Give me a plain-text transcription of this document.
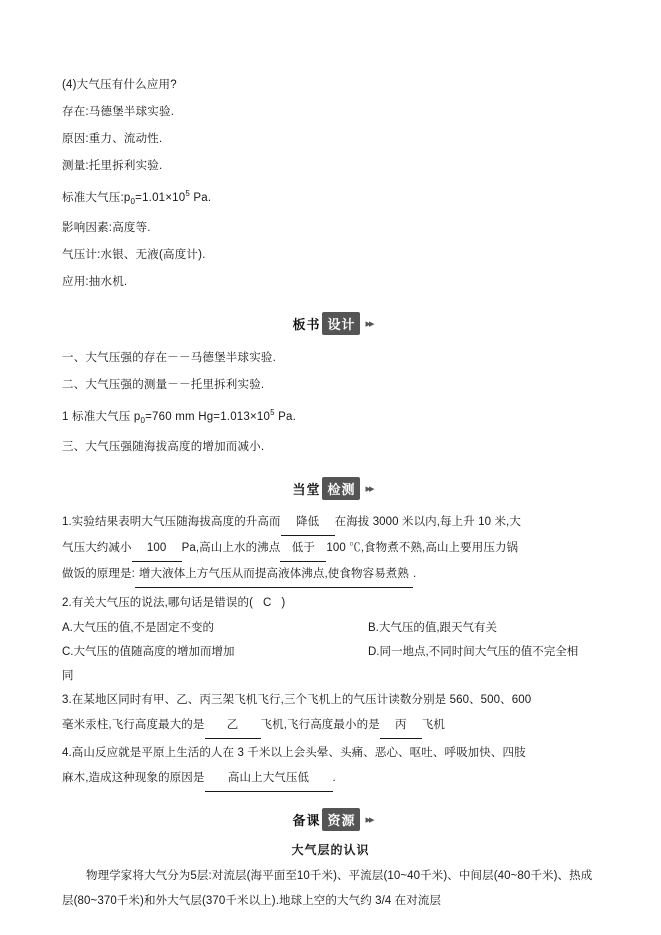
(4)大气压有什么应用?
存在:马德堡半球实验.
原因:重力、流动性.
测量:托里拆利实验.
标准大气压$:p_0=1.01\times 10^5$ Pa.
影响因素:高度等.
气压计:水银、无液(高度计).
应用:抽水机.
板书 设计 ▸▸
一、大气压强的存在－－马德堡半球实验.
二、大气压强的测量－－托里拆利实验.
1 标准大气压 $p_0=760$ mm $Hg=1.013\times 10^5$ Pa.
三、大气压强随海拔高度的增加而减小.
当堂 检测 ▸▸
1.实验结果表明大气压随海拔高度的升高而 降低 在海拔 3000 米以内,每上升 10 米,大
气压大约减小 100 Pa,高山上水的沸点 低于 100 ℃,食物煮不熟,高山上要用压力锅
做饭的原理是: 增大液体上方气压从而提高液体沸点,使食物容易煮熟 .
2.有关大气压的说法,哪句话是错误的( C )
A.大气压的值,不是固定不变的	B.大气压的值,跟天气有关
C.大气压的值随高度的增加而增加	D.同一地点,不同时间大气压的值不完全相
同
3.在某地区同时有甲、乙、丙三架飞机飞行,三个飞机上的气压计读数分别是 560、500、600
毫米汞柱,飞行高度最大的是 乙 飞机,飞行高度最小的是 丙 飞机
4.高山反应就是平原上生活的人在 3 千米以上会头晕、头痛、恶心、呕吐、呼吸加快、四肢
麻木,造成这种现象的原因是 高山上大气压低 .
备课 资源 ▸▸
大气层的认识
物理学家将大气分为5层:对流层(海平面至10千米)、平流层(10~40千米)、中间层(40~80千米)、热成层(80~370千米)和外大气层(370千米以上).地球上空的大气约 3/4 在对流层
